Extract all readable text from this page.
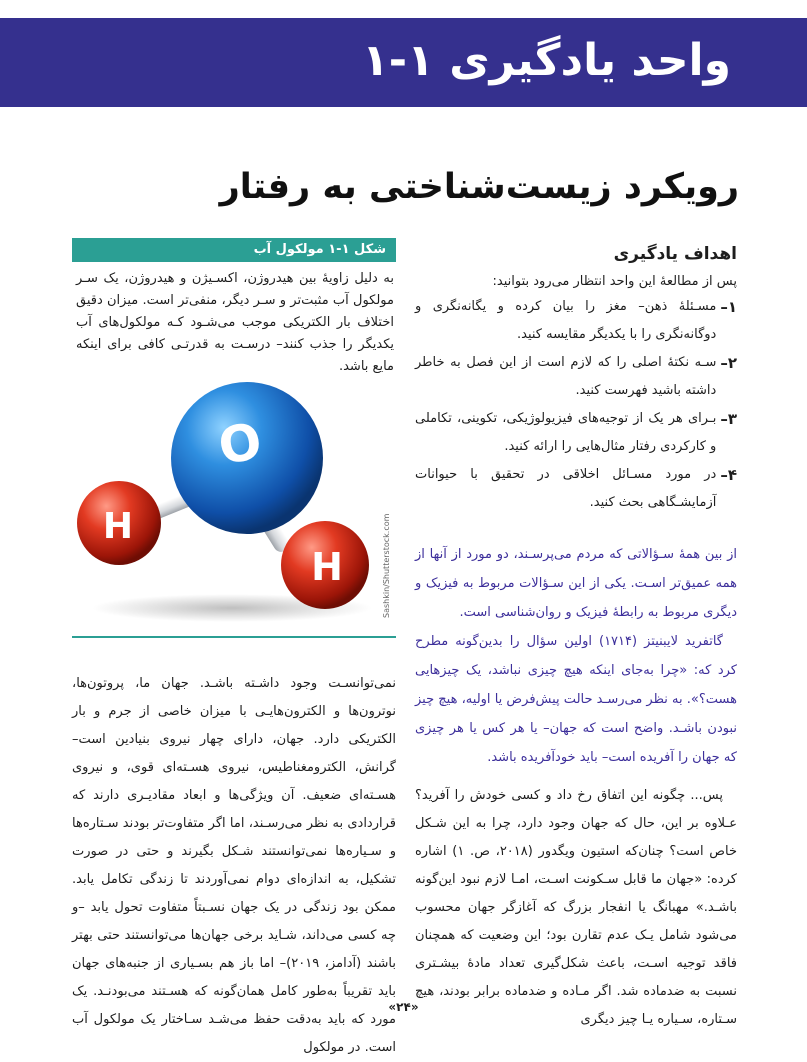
واحد یادگیری ۱-۱
رویکرد زیست‌شناختی به رفتار
اهداف یادگیری
پس از مطالعهٔ این واحد انتظار می‌رود بتوانید:
۱–
مسـئلهٔ ذهن– مغز را بیان کرده و یگانه‌نگری و دوگانه‌نگری را با یکدیگر مقایسه کنید.
۲–
سـه نکتهٔ اصلی را که لازم است از این فصل به خاطر داشته باشید فهرست کنید.
۳–
بـرای هر یک از توجیه‌های فیزیولوژیکی، تکوینی، تکاملی و کارکردی رفتار مثال‌هایی را ارائه کنید.
۴–
در مورد مسـائل اخلاقی در تحقیق با حیوانات آزمایشـگاهی بحث کنید.

از بین همهٔ سـؤالاتی که مردم می‌پرسـند، دو مورد از آنها از همه عمیق‌تر اسـت. یکی از این سـؤالات مربوط به فیزیک و دیگری مربوط به رابطهٔ فیزیک و روان‌شناسی است.

گاتفرید لایبنیتز (۱۷۱۴) اولین سؤال را بدین‌گونه مطرح کرد که: «چرا به‌جای اینکه هیچ چیزی نباشد، یک چیزهایی هست؟». به نظر می‌رسـد حالت پیش‌فرض یا اولیه، هیچ چیز نبودن باشـد. واضح است که جهان– یا هر کس یا هر چیزی که جهان را آفریده است– باید خودآفریده باشد.

پس... چگونه این اتفاق رخ داد و کسی خودش را آفرید؟ عـلاوه بر این، حال که جهان وجود دارد، چرا به این شـکل خاص است؟ چنان‌که استیون ویگدور (۲۰۱۸، ص. ۱) اشاره کرده: «جهان ما قابل سـکونت اسـت، امـا لازم نبود این‌گونه باشـد.» مهبانگ یا انفجار بزرگ که آغازگر جهان محسوب می‌شود شامل یـک عدم تقارن بود؛ این وضعیت که همچنان فاقد توجیه اسـت، باعث شکل‌گیری تعداد مادهٔ بیشـتری نسبت به ضدماده شد. اگر مـاده و ضدماده برابر بودند، هیچ سـتاره، سـیاره یـا چیز دیگری

شکل ۱-۱ مولکول آب

به دلیل زاویهٔ بین هیدروژن، اکسـیژن و هیدروژن، یک سـر مولکول آب مثبت‌تر و سـر دیگر، منفی‌تر است. میزان دقیق اختلاف بار الکتریکی موجب می‌شـود کـه مولکول‌های آب یکدیگر را جذب کنند– درسـت به قدرتـی کافی برای اینکه مایع باشد.

O
H
H	Sashkin/Shutterstock.com

نمی‌توانسـت وجود داشـته باشـد. جهان ما، پروتون‌ها، نوترون‌ها و الکترون‌هایـی با میزان خاصی از جرم و بار الکتریکی دارد. جهان، دارای چهار نیروی بنیادین است– گرانش، الکترومغناطیس، نیروی هسـته‌ای قوی، و نیروی هسـته‌ای ضعیف. آن ویژگی‌ها و ابعاد مقادیـری دارند که قراردادی به نظر می‌رسـند، اما اگر متفاوت‌تر بودند سـتاره‌ها و سـیاره‌ها نمی‌توانستند شـکل بگیرند و حتی در صورت تشکیل، به اندازه‌ای دوام نمی‌آوردند تا زندگی تکامل یابد. ممکن بود زندگی در یک جهان نسـبتاً متفاوت تحول یابد –و چه کسی می‌داند، شـاید برخی جهان‌ها می‌توانستند حتی بهتر باشند (آدامز، ۲۰۱۹)– اما باز هم بسـیاری از جنبه‌های جهان باید تقریباً به‌طور کامل همان‌گونه که هسـتند می‌بودنـد. یک مورد که باید به‌دقت حفظ می‌شـد سـاختار یک مولکول آب است. در مولکول

«۲۴»
